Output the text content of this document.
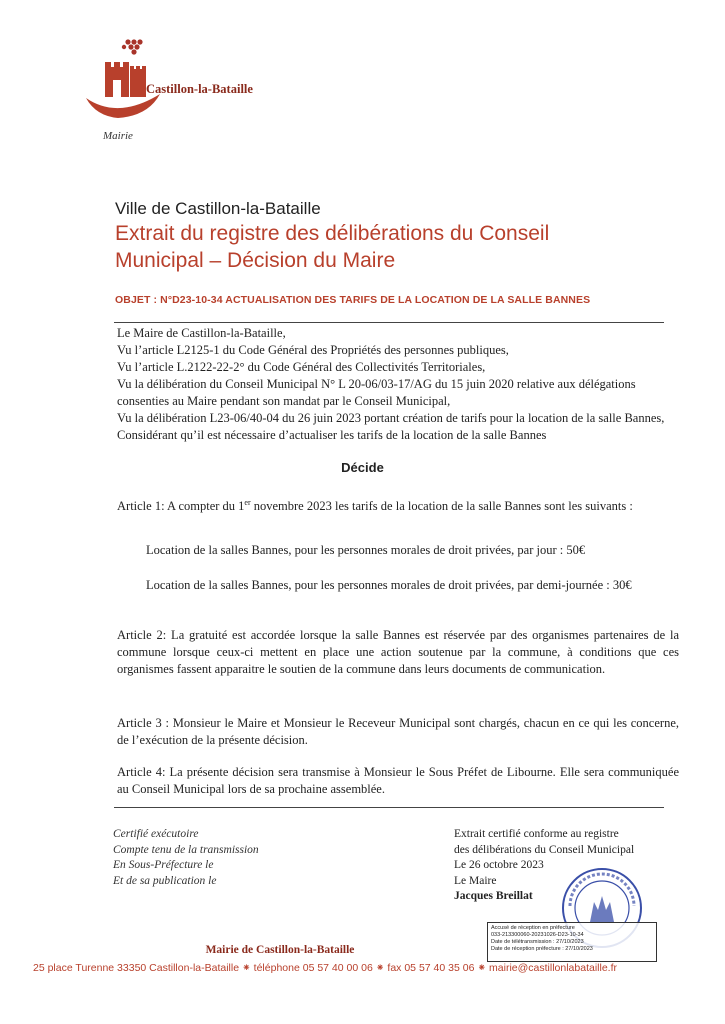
Castillon-la-Bataille
Mairie
Ville de Castillon-la-Bataille
Extrait du registre des délibérations du Conseil
Municipal – Décision du Maire
OBJET : N°D23-10-34 ACTUALISATION DES TARIFS DE LA LOCATION DE LA SALLE BANNES
Le Maire de Castillon-la-Bataille,
Vu l’article L2125-1 du Code Général des Propriétés des personnes publiques,
Vu l’article L.2122-22-2° du Code Général des Collectivités Territoriales,
Vu la délibération du Conseil Municipal N° L 20-06/03-17/AG du 15 juin 2020 relative aux délégations consenties au Maire pendant son mandat par le Conseil Municipal,
Vu la délibération L23-06/40-04 du 26 juin 2023 portant création de tarifs pour la location de la salle Bannes,
Considérant qu’il est nécessaire d’actualiser les tarifs de la location de la salle Bannes
Décide
Article 1: A compter du 1er novembre 2023 les tarifs de la location de la salle Bannes sont les suivants :
Location de la salles Bannes, pour les personnes morales de droit privées, par jour : 50€
Location de la salles Bannes, pour les personnes morales de droit privées, par demi-journée : 30€
Article 2: La gratuité est accordée lorsque la salle Bannes est réservée par des organismes partenaires de la commune lorsque ceux-ci mettent en place une action soutenue par la commune, à conditions que ces organismes fassent apparaitre le soutien de la commune dans leurs documents de communication.
Article 3 : Monsieur le Maire et Monsieur le Receveur Municipal sont chargés, chacun en ce qui les concerne, de l’exécution de la présente décision.
Article 4: La présente décision sera transmise à Monsieur le Sous Préfet de Libourne. Elle sera communiquée au Conseil Municipal lors de sa prochaine assemblée.
Certifié exécutoire
Compte tenu de la transmission
En Sous-Préfecture le
Et de sa publication le
Extrait certifié conforme au registre
des délibérations du Conseil Municipal
Le 26 octobre 2023
Le Maire
Jacques Breillat
Accusé de réception en préfecture
033-213300060-20231026-D23-10-34
Date de télétransmission : 27/10/2023
Date de réception préfecture : 27/10/2023
Mairie de Castillon-la-Bataille
25 place Turenne 33350 Castillon-la-Bataille ⁕ téléphone 05 57 40 00 06 ⁕ fax 05 57 40 35 06 ⁕ mairie@castillonlabataille.fr
